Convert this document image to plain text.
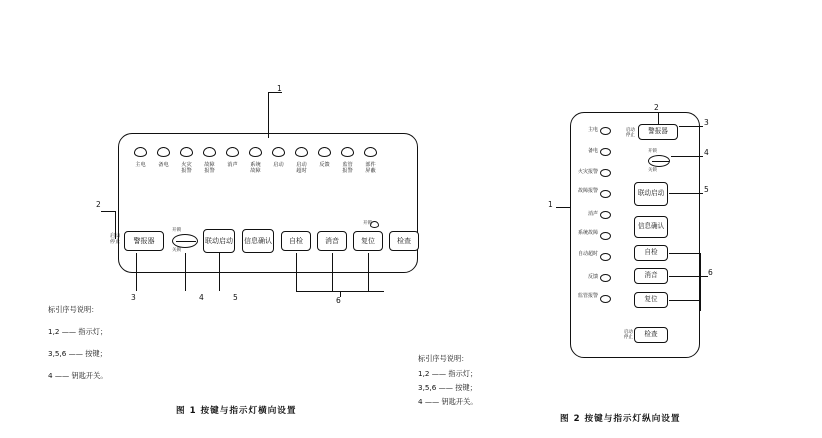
1
主电 备电 火灾报警
故障报警
消声 系统故障
启动 启动超时
反馈 监管报警
部件屏蔽
2
启动
停止	警报器
开锁
关锁
联动启动 信息确认	自检	消音	复位	检查
开锁
3	4	5	6
标引序号说明：
1,2 —— 指示灯；
3,5,6 —— 按键；
4 —— 钥匙开关。
图 1 按键与指示灯横向设置
主电
备电
火灾报警
故障报警
消声
系统故障
自动超时
反馈
监管报警
启动
停止
警报器
开锁
关锁
联动启动
信息确认
自检
消音
复位
检查
启动
停止
1
2
3
4
5
6
标引序号说明：
1,2 —— 指示灯；
3,5,6 —— 按键；
4 —— 钥匙开关。
图 2 按键与指示灯纵向设置
